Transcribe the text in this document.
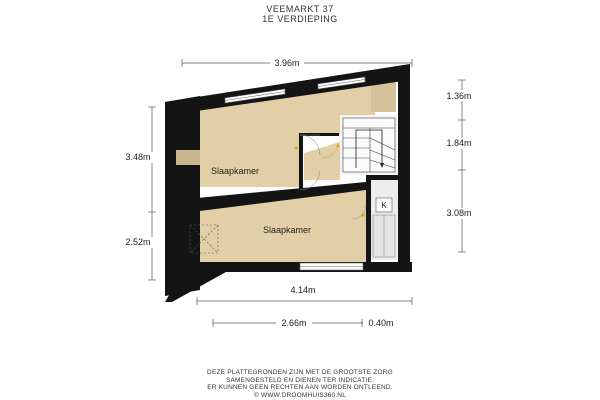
VEEMARKT 37
1E VERDIEPING
3.96m
3.48m
2.52m
1.36m
1.84m
3.08m
4.14m
2.66m	0.40m
Slaapkamer
Slaapkamer
K
DEZE PLATTEGRONDEN ZIJN MET DE GROOTSTE ZORG
SAMENGESTELD EN DIENEN TER INDICATIE.
ER KUNNEN GEEN RECHTEN AAN WORDEN ONTLEEND.
© WWW.DROOMHUIS360.NL
